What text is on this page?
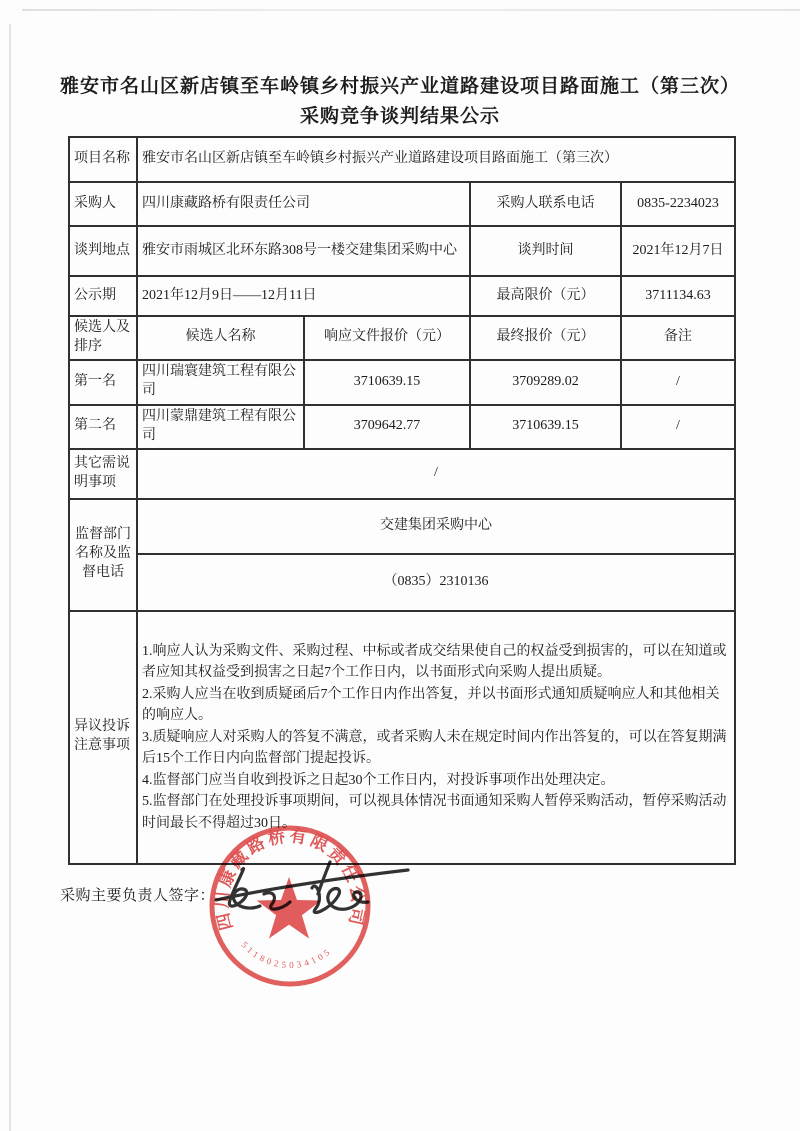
雅安市名山区新店镇至车岭镇乡村振兴产业道路建设项目路面施工（第三次）采购竞争谈判结果公示
项目名称	雅安市名山区新店镇至车岭镇乡村振兴产业道路建设项目路面施工（第三次）			
采购人	四川康藏路桥有限责任公司		采购人联系电话	0835-2234023
谈判地点	雅安市雨城区北环东路308号一楼交建集团采购中心		谈判时间	2021年12月7日
公示期	2021年12月9日——12月11日		最高限价（元）	3711134.63
候选人及排序	候选人名称	响应文件报价（元）	最终报价（元）	备注
第一名	四川瑞寰建筑工程有限公司	3710639.15	3709289.02	/
第二名	四川蒙鼎建筑工程有限公司	3709642.77	3710639.15	/
其它需说明事项	/			
监督部门名称及监督电话	交建集团采购中心			
	（0835）2310136			
异议投诉注意事项	1.响应人认为采购文件、采购过程、中标或者成交结果使自己的权益受到损害的，可以在知道或者应知其权益受到损害之日起7个工作日内，以书面形式向采购人提出质疑。
2.采购人应当在收到质疑函后7个工作日内作出答复，并以书面形式通知质疑响应人和其他相关的响应人。
3.质疑响应人对采购人的答复不满意，或者采购人未在规定时间内作出答复的，可以在答复期满后15个工作日内向监督部门提起投诉。
4.监督部门应当自收到投诉之日起30个工作日内，对投诉事项作出处理决定。
5.监督部门在处理投诉事项期间，可以视具体情况书面通知采购人暂停采购活动，暂停采购活动时间最长不得超过30日。			
采购主要负责人签字：
四川康藏路桥有限责任公司
5118025034105
